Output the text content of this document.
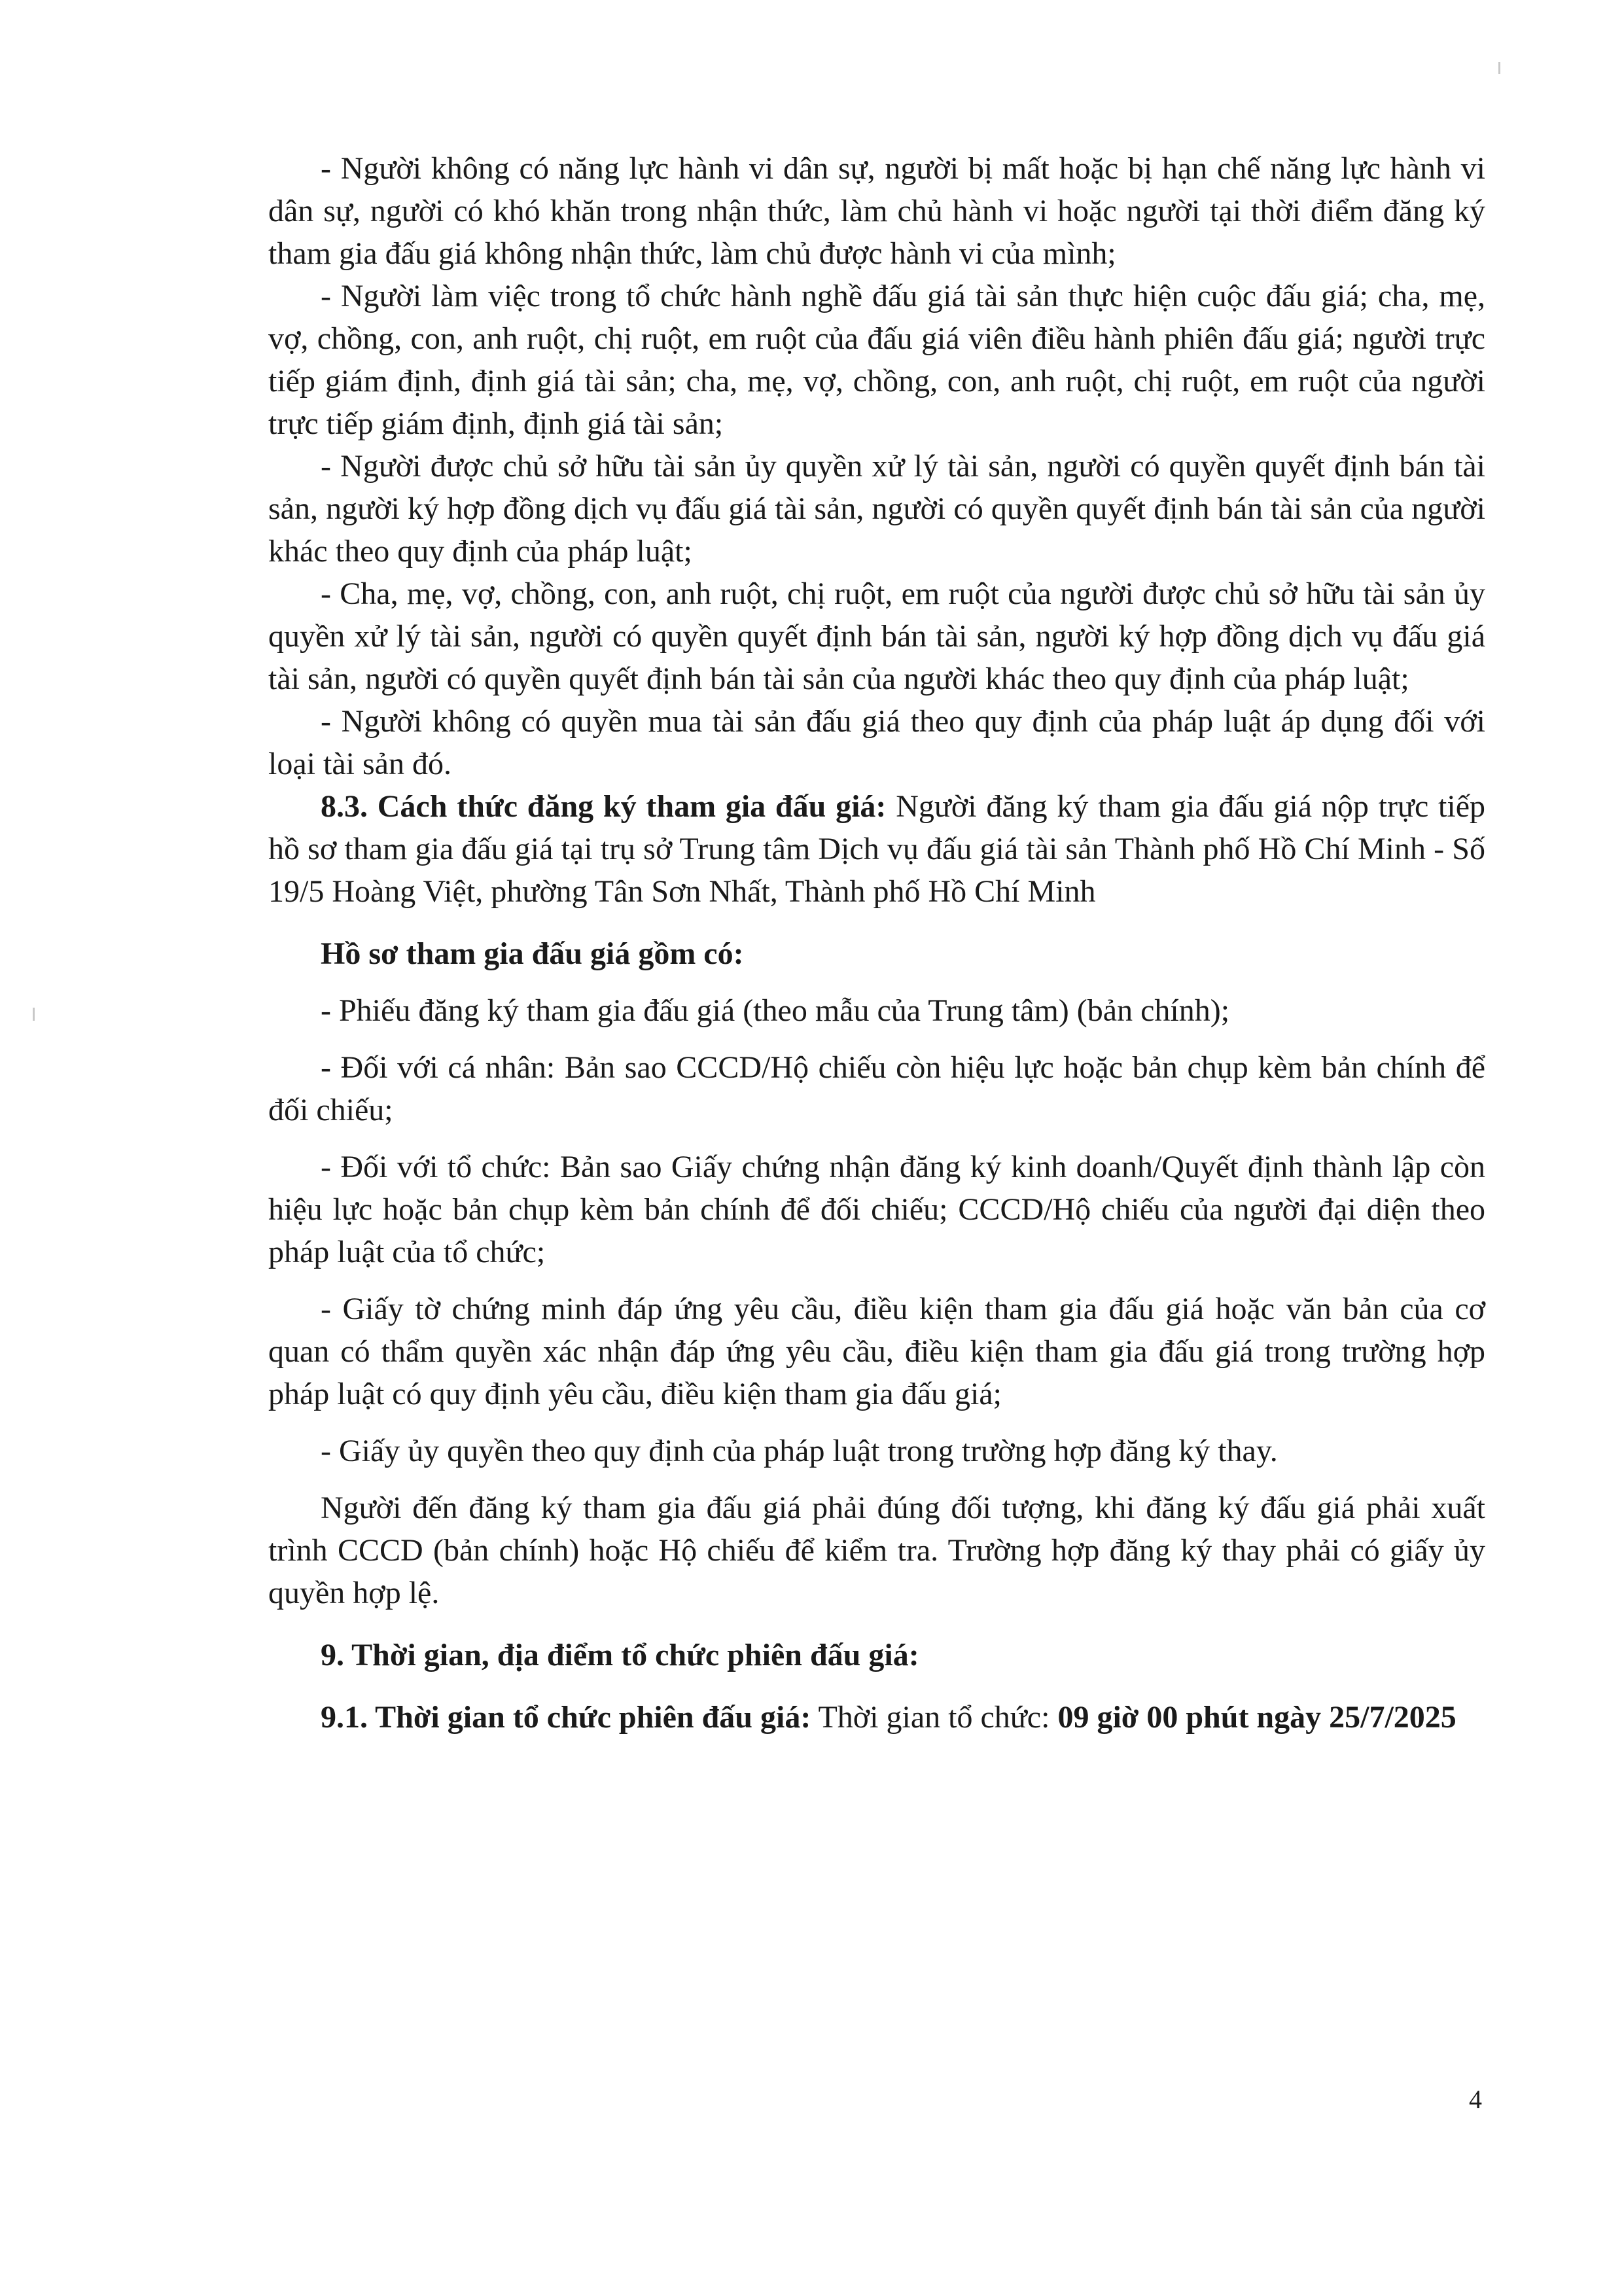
- Người không có năng lực hành vi dân sự, người bị mất hoặc bị hạn chế năng lực hành vi dân sự, người có khó khăn trong nhận thức, làm chủ hành vi hoặc người tại thời điểm đăng ký tham gia đấu giá không nhận thức, làm chủ được hành vi của mình;

- Người làm việc trong tổ chức hành nghề đấu giá tài sản thực hiện cuộc đấu giá; cha, mẹ, vợ, chồng, con, anh ruột, chị ruột, em ruột của đấu giá viên điều hành phiên đấu giá; người trực tiếp giám định, định giá tài sản; cha, mẹ, vợ, chồng, con, anh ruột, chị ruột, em ruột của người trực tiếp giám định, định giá tài sản;

- Người được chủ sở hữu tài sản ủy quyền xử lý tài sản, người có quyền quyết định bán tài sản, người ký hợp đồng dịch vụ đấu giá tài sản, người có quyền quyết định bán tài sản của người khác theo quy định của pháp luật;

- Cha, mẹ, vợ, chồng, con, anh ruột, chị ruột, em ruột của người được chủ sở hữu tài sản ủy quyền xử lý tài sản, người có quyền quyết định bán tài sản, người ký hợp đồng dịch vụ đấu giá tài sản, người có quyền quyết định bán tài sản của người khác theo quy định của pháp luật;

- Người không có quyền mua tài sản đấu giá theo quy định của pháp luật áp dụng đối với loại tài sản đó.

8.3. Cách thức đăng ký tham gia đấu giá: Người đăng ký tham gia đấu giá nộp trực tiếp hồ sơ tham gia đấu giá tại trụ sở Trung tâm Dịch vụ đấu giá tài sản Thành phố Hồ Chí Minh - Số 19/5 Hoàng Việt, phường Tân Sơn Nhất, Thành phố Hồ Chí Minh

Hồ sơ tham gia đấu giá gồm có:

- Phiếu đăng ký tham gia đấu giá (theo mẫu của Trung tâm) (bản chính);

- Đối với cá nhân: Bản sao CCCD/Hộ chiếu còn hiệu lực hoặc bản chụp kèm bản chính để đối chiếu;

- Đối với tổ chức: Bản sao Giấy chứng nhận đăng ký kinh doanh/Quyết định thành lập còn hiệu lực hoặc bản chụp kèm bản chính để đối chiếu; CCCD/Hộ chiếu của người đại diện theo pháp luật của tổ chức;

- Giấy tờ chứng minh đáp ứng yêu cầu, điều kiện tham gia đấu giá hoặc văn bản của cơ quan có thẩm quyền xác nhận đáp ứng yêu cầu, điều kiện tham gia đấu giá trong trường hợp pháp luật có quy định yêu cầu, điều kiện tham gia đấu giá;

- Giấy ủy quyền theo quy định của pháp luật trong trường hợp đăng ký thay.

Người đến đăng ký tham gia đấu giá phải đúng đối tượng, khi đăng ký đấu giá phải xuất trình CCCD (bản chính) hoặc Hộ chiếu để kiểm tra. Trường hợp đăng ký thay phải có giấy ủy quyền hợp lệ.

9. Thời gian, địa điểm tổ chức phiên đấu giá:

9.1. Thời gian tổ chức phiên đấu giá: Thời gian tổ chức: 09 giờ 00 phút ngày 25/7/2025

4
